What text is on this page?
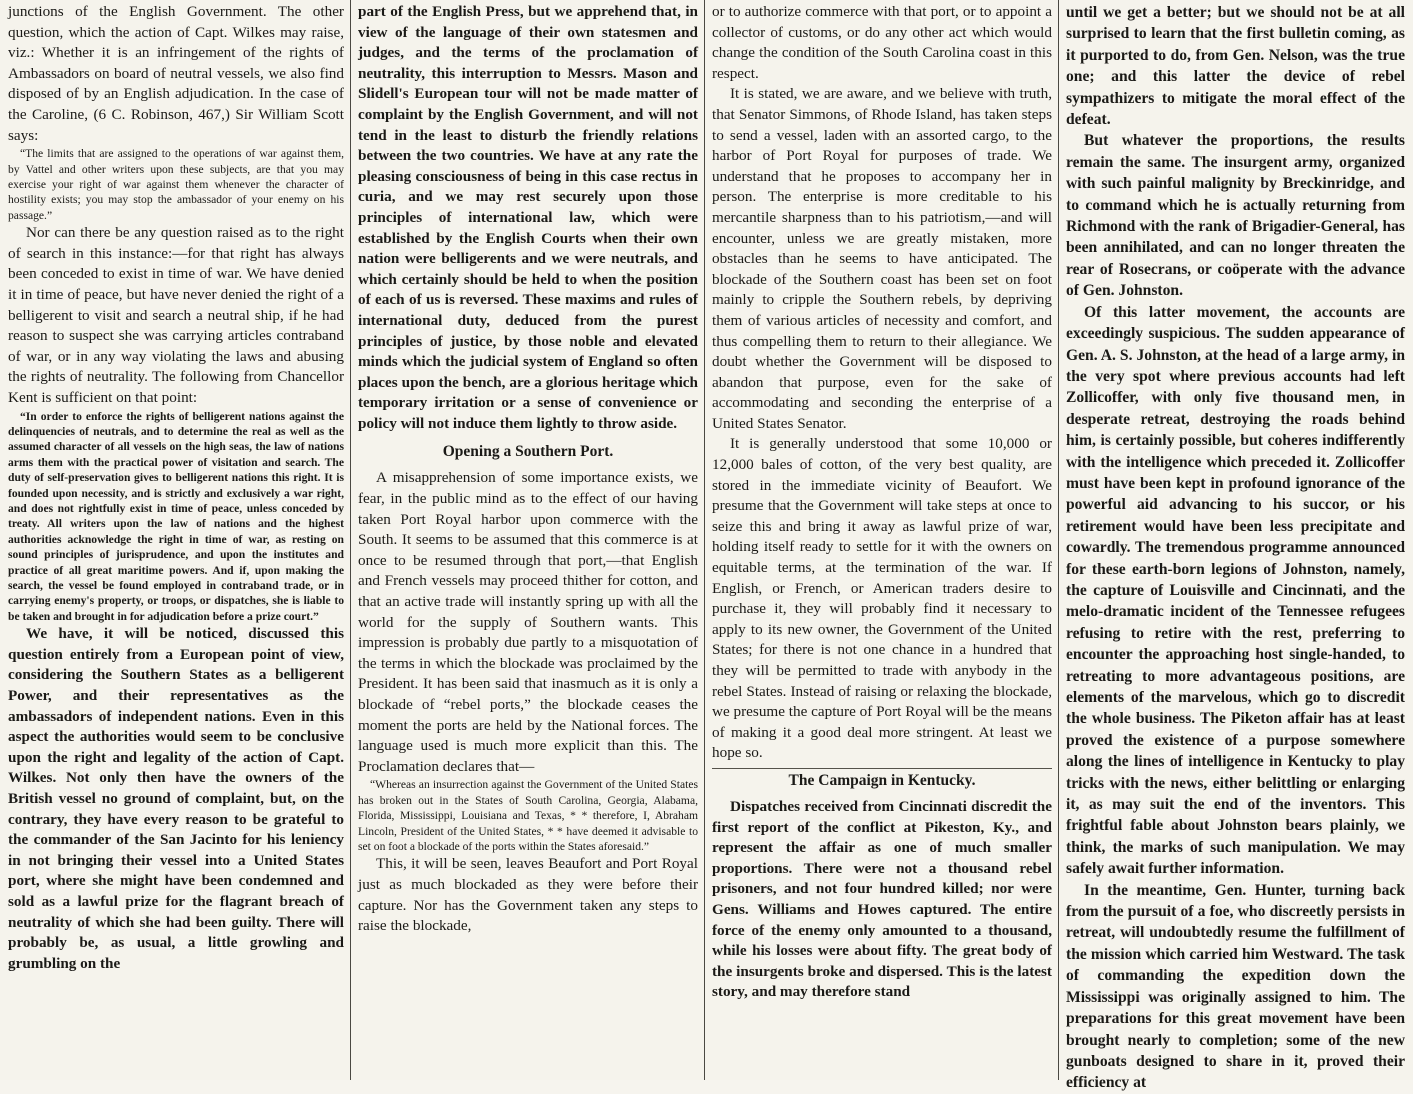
junctions of the English Government. The other question, which the action of Capt. Wilkes may raise, viz.: Whether it is an infringement of the rights of Ambassadors on board of neutral vessels, we also find disposed of by an English adjudication. In the case of the Caroline, (6 C. Robinson, 467,) Sir William Scott says:

“The limits that are assigned to the operations of war against them, by Vattel and other writers upon these subjects, are that you may exercise your right of war against them whenever the character of hostility exists; you may stop the ambassador of your enemy on his passage.”

Nor can there be any question raised as to the right of search in this instance:—for that right has always been conceded to exist in time of war. We have denied it in time of peace, but have never denied the right of a belligerent to visit and search a neutral ship, if he had reason to suspect she was carrying articles contraband of war, or in any way violating the laws and abusing the rights of neutrality. The following from Chancellor Kent is sufficient on that point:

“In order to enforce the rights of belligerent nations against the delinquencies of neutrals, and to determine the real as well as the assumed character of all vessels on the high seas, the law of nations arms them with the practical power of visitation and search. The duty of self-preservation gives to belligerent nations this right. It is founded upon necessity, and is strictly and exclusively a war right, and does not rightfully exist in time of peace, unless conceded by treaty. All writers upon the law of nations and the highest authorities acknowledge the right in time of war, as resting on sound principles of jurisprudence, and upon the institutes and practice of all great maritime powers. And if, upon making the search, the vessel be found employed in contraband trade, or in carrying enemy's property, or troops, or dispatches, she is liable to be taken and brought in for adjudication before a prize court.”

We have, it will be noticed, discussed this question entirely from a European point of view, considering the Southern States as a belligerent Power, and their representatives as the ambassadors of independent nations. Even in this aspect the authorities would seem to be conclusive upon the right and legality of the action of Capt. Wilkes. Not only then have the owners of the British vessel no ground of complaint, but, on the contrary, they have every reason to be grateful to the commander of the San Jacinto for his leniency in not bringing their vessel into a United States port, where she might have been condemned and sold as a lawful prize for the flagrant breach of neutrality of which she had been guilty. There will probably be, as usual, a little growling and grumbling on the

part of the English Press, but we apprehend that, in view of the language of their own statesmen and judges, and the terms of the proclamation of neutrality, this interruption to Messrs. Mason and Slidell's European tour will not be made matter of complaint by the English Government, and will not tend in the least to disturb the friendly relations between the two countries. We have at any rate the pleasing consciousness of being in this case rectus in curia, and we may rest securely upon those principles of international law, which were established by the English Courts when their own nation were belligerents and we were neutrals, and which certainly should be held to when the position of each of us is reversed. These maxims and rules of international duty, deduced from the purest principles of justice, by those noble and elevated minds which the judicial system of England so often places upon the bench, are a glorious heritage which temporary irritation or a sense of convenience or policy will not induce them lightly to throw aside.

Opening a Southern Port.

A misapprehension of some importance exists, we fear, in the public mind as to the effect of our having taken Port Royal harbor upon commerce with the South. It seems to be assumed that this commerce is at once to be resumed through that port,—that English and French vessels may proceed thither for cotton, and that an active trade will instantly spring up with all the world for the supply of Southern wants. This impression is probably due partly to a misquotation of the terms in which the blockade was proclaimed by the President. It has been said that inasmuch as it is only a blockade of “rebel ports,” the blockade ceases the moment the ports are held by the National forces. The language used is much more explicit than this. The Proclamation declares that—

“Whereas an insurrection against the Government of the United States has broken out in the States of South Carolina, Georgia, Alabama, Florida, Mississippi, Louisiana and Texas, * * therefore, I, Abraham Lincoln, President of the United States, * * have deemed it advisable to set on foot a blockade of the ports within the States aforesaid.”

This, it will be seen, leaves Beaufort and Port Royal just as much blockaded as they were before their capture. Nor has the Government taken any steps to raise the blockade,

or to authorize commerce with that port, or to appoint a collector of customs, or do any other act which would change the condition of the South Carolina coast in this respect.

It is stated, we are aware, and we believe with truth, that Senator Simmons, of Rhode Island, has taken steps to send a vessel, laden with an assorted cargo, to the harbor of Port Royal for purposes of trade. We understand that he proposes to accompany her in person. The enterprise is more creditable to his mercantile sharpness than to his patriotism,—and will encounter, unless we are greatly mistaken, more obstacles than he seems to have anticipated. The blockade of the Southern coast has been set on foot mainly to cripple the Southern rebels, by depriving them of various articles of necessity and comfort, and thus compelling them to return to their allegiance. We doubt whether the Government will be disposed to abandon that purpose, even for the sake of accommodating and seconding the enterprise of a United States Senator.

It is generally understood that some 10,000 or 12,000 bales of cotton, of the very best quality, are stored in the immediate vicinity of Beaufort. We presume that the Government will take steps at once to seize this and bring it away as lawful prize of war, holding itself ready to settle for it with the owners on equitable terms, at the termination of the war. If English, or French, or American traders desire to purchase it, they will probably find it necessary to apply to its new owner, the Government of the United States; for there is not one chance in a hundred that they will be permitted to trade with anybody in the rebel States. Instead of raising or relaxing the blockade, we presume the capture of Port Royal will be the means of making it a good deal more stringent. At least we hope so.

The Campaign in Kentucky.

Dispatches received from Cincinnati discredit the first report of the conflict at Pikeston, Ky., and represent the affair as one of much smaller proportions. There were not a thousand rebel prisoners, and not four hundred killed; nor were Gens. Williams and Howes captured. The entire force of the enemy only amounted to a thousand, while his losses were about fifty. The great body of the insurgents broke and dispersed. This is the latest story, and may therefore stand

until we get a better; but we should not be at all surprised to learn that the first bulletin coming, as it purported to do, from Gen. Nelson, was the true one; and this latter the device of rebel sympathizers to mitigate the moral effect of the defeat.

But whatever the proportions, the results remain the same. The insurgent army, organized with such painful malignity by Breckinridge, and to command which he is actually returning from Richmond with the rank of Brigadier-General, has been annihilated, and can no longer threaten the rear of Rosecrans, or coöperate with the advance of Gen. Johnston.

Of this latter movement, the accounts are exceedingly suspicious. The sudden appearance of Gen. A. S. Johnston, at the head of a large army, in the very spot where previous accounts had left Zollicoffer, with only five thousand men, in desperate retreat, destroying the roads behind him, is certainly possible, but coheres indifferently with the intelligence which preceded it. Zollicoffer must have been kept in profound ignorance of the powerful aid advancing to his succor, or his retirement would have been less precipitate and cowardly. The tremendous programme announced for these earth-born legions of Johnston, namely, the capture of Louisville and Cincinnati, and the melo-dramatic incident of the Tennessee refugees refusing to retire with the rest, preferring to encounter the approaching host single-handed, to retreating to more advantageous positions, are elements of the marvelous, which go to discredit the whole business. The Piketon affair has at least proved the existence of a purpose somewhere along the lines of intelligence in Kentucky to play tricks with the news, either belittling or enlarging it, as may suit the end of the inventors. This frightful fable about Johnston bears plainly, we think, the marks of such manipulation. We may safely await further information.

In the meantime, Gen. Hunter, turning back from the pursuit of a foe, who discreetly persists in retreat, will undoubtedly resume the fulfillment of the mission which carried him Westward. The task of commanding the expedition down the Mississippi was originally assigned to him. The preparations for this great movement have been brought nearly to completion; some of the new gunboats designed to share in it, proved their efficiency at
